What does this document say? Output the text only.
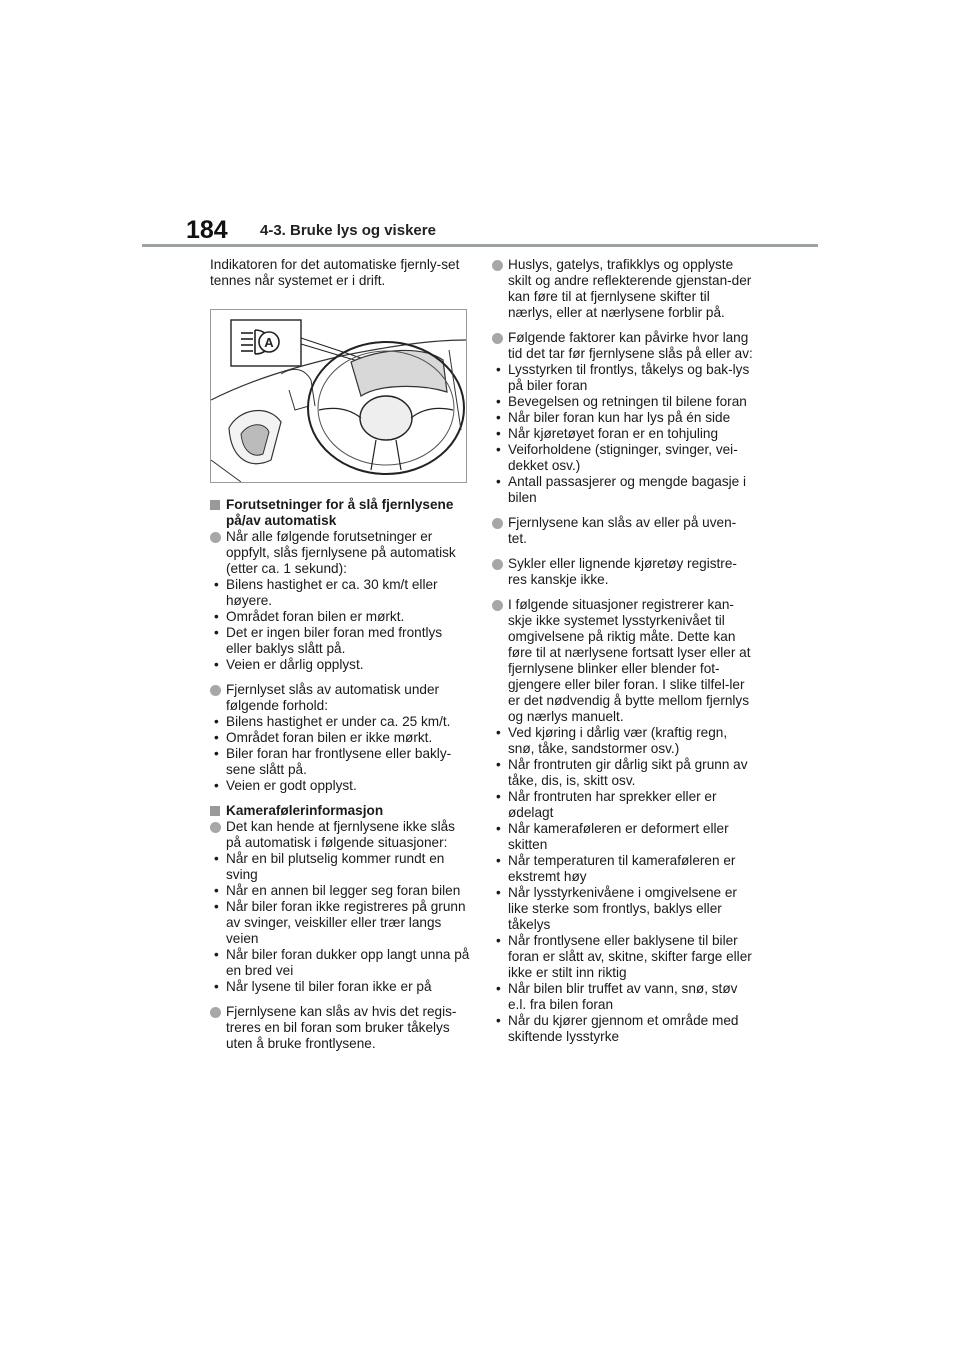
184 4-3. Bruke lys og viskere

Indikatoren for det automatiske fjernly-set tennes når systemet er i drift.

A

Forutsetninger for å slå fjernlysene på/av automatisk

Når alle følgende forutsetninger er oppfylt, slås fjernlysene på automatisk (etter ca. 1 sekund):

• Bilens hastighet er ca. 30 km/t eller høyere.
• Området foran bilen er mørkt.
• Det er ingen biler foran med frontlys eller baklys slått på.
• Veien er dårlig opplyst.

Fjernlyset slås av automatisk under følgende forhold:

• Bilens hastighet er under ca. 25 km/t.
• Området foran bilen er ikke mørkt.
• Biler foran har frontlysene eller bakly-sene slått på.
• Veien er godt opplyst.

Kamerafølerinformasjon

Det kan hende at fjernlysene ikke slås på automatisk i følgende situasjoner:

• Når en bil plutselig kommer rundt en sving
• Når en annen bil legger seg foran bilen
• Når biler foran ikke registreres på grunn av svinger, veiskiller eller trær langs veien
• Når biler foran dukker opp langt unna på en bred vei
• Når lysene til biler foran ikke er på

Fjernlysene kan slås av hvis det regis-treres en bil foran som bruker tåkelys uten å bruke frontlysene.

Huslys, gatelys, trafikklys og opplyste skilt og andre reflekterende gjenstan-der kan føre til at fjernlysene skifter til nærlys, eller at nærlysene forblir på.

Følgende faktorer kan påvirke hvor lang tid det tar før fjernlysene slås på eller av:

• Lysstyrken til frontlys, tåkelys og bak-lys på biler foran
• Bevegelsen og retningen til bilene foran
• Når biler foran kun har lys på én side
• Når kjøretøyet foran er en tohjuling
• Veiforholdene (stigninger, svinger, vei-dekket osv.)
• Antall passasjerer og mengde bagasje i bilen

Fjernlysene kan slås av eller på uven-tet.

Sykler eller lignende kjøretøy registre-res kanskje ikke.

I følgende situasjoner registrerer kan-skje ikke systemet lysstyrkenivået til omgivelsene på riktig måte. Dette kan føre til at nærlysene fortsatt lyser eller at fjernlysene blinker eller blender fot-gjengere eller biler foran. I slike tilfel-ler er det nødvendig å bytte mellom fjernlys og nærlys manuelt.

• Ved kjøring i dårlig vær (kraftig regn, snø, tåke, sandstormer osv.)
• Når frontruten gir dårlig sikt på grunn av tåke, dis, is, skitt osv.
• Når frontruten har sprekker eller er ødelagt
• Når kameraføleren er deformert eller skitten
• Når temperaturen til kameraføleren er ekstremt høy
• Når lysstyrkenivåene i omgivelsene er like sterke som frontlys, baklys eller tåkelys
• Når frontlysene eller baklysene til biler foran er slått av, skitne, skifter farge eller ikke er stilt inn riktig
• Når bilen blir truffet av vann, snø, støv e.l. fra bilen foran
• Når du kjører gjennom et område med skiftende lysstyrke
